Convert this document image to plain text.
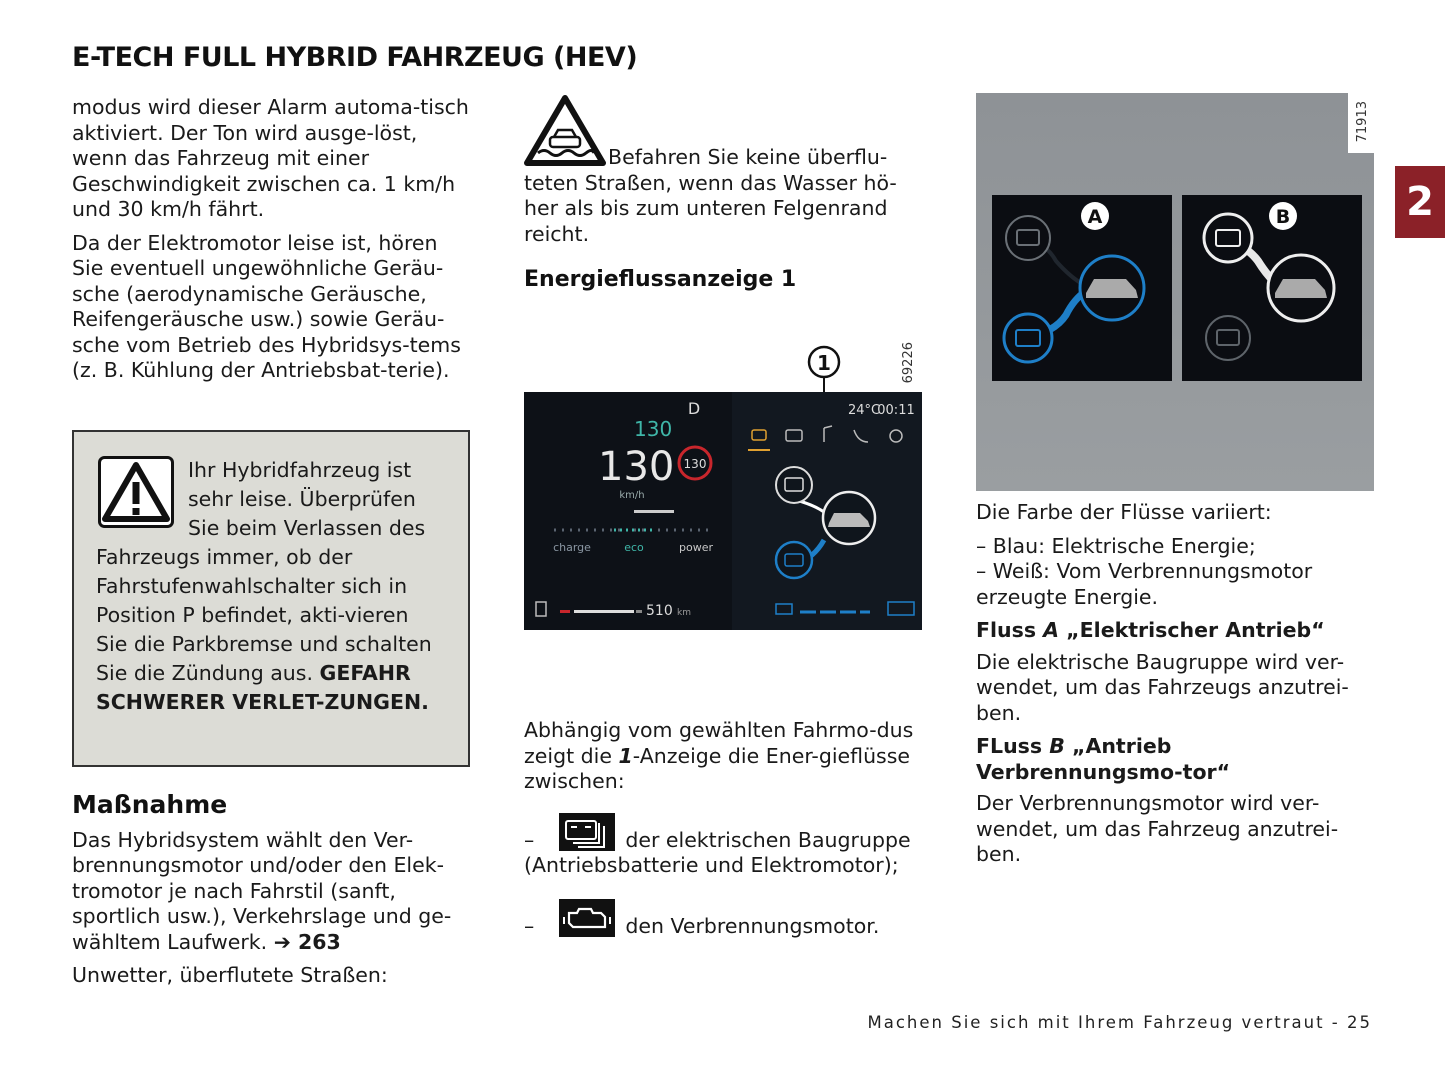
E-TECH FULL HYBRID FAHRZEUG (HEV)
2

modus wird dieser Alarm automa-tisch aktiviert. Der Ton wird ausge-löst, wenn das Fahrzeug mit einer Geschwindigkeit zwischen ca. 1 km/h und 30 km/h fährt.

Da der Elektromotor leise ist, hören Sie eventuell ungewöhnliche Geräu-sche (aerodynamische Geräusche, Reifengeräusche usw.) sowie Geräu-sche vom Betrieb des Hybridsys-tems (z. B. Kühlung der Antriebsbat-terie).

Ihr Hybridfahrzeug ist sehr leise. Überprüfen Sie beim Verlassen des Fahrzeugs immer, ob der Fahrstufenwahlschalter sich in Position P befindet, akti-vieren Sie die Parkbremse und schalten Sie die Zündung aus. GEFAHR SCHWERER VERLET-ZUNGEN.
Maßnahme

Das Hybridsystem wählt den Ver-brennungsmotor und/oder den Elek-tromotor je nach Fahrstil (sanft, sportlich usw.), Verkehrslage und ge-wähltem Laufwerk. ➔ 263

Unwetter, überflutete Straßen:

Befahren Sie keine überflu-teten Straßen, wenn das Wasser hö-her als bis zum unteren Felgenrand reicht.
Energieflussanzeige 1
69226
1
D
130
130 130
km/h
charge	eco	power
510 km
24°C
00:11

Abhängig vom gewählten Fahrmo-dus zeigt die 1-Anzeige die Ener-gieflüsse zwischen:

–	der elektrischen Baugruppe (Antriebsbatterie und Elektromotor);
–	den Verbrennungsmotor.
71913
A	B

Die Farbe der Flüsse variiert:

– Blau: Elektrische Energie;

– Weiß: Vom Verbrennungsmotor erzeugte Energie.

Fluss A „Elektrischer Antrieb“

Die elektrische Baugruppe wird ver-wendet, um das Fahrzeugs anzutrei-ben.

FLuss B „Antrieb Verbrennungsmo-tor“

Der Verbrennungsmotor wird ver-wendet, um das Fahrzeug anzutrei-ben.

Machen Sie sich mit Ihrem Fahrzeug vertraut - 25
